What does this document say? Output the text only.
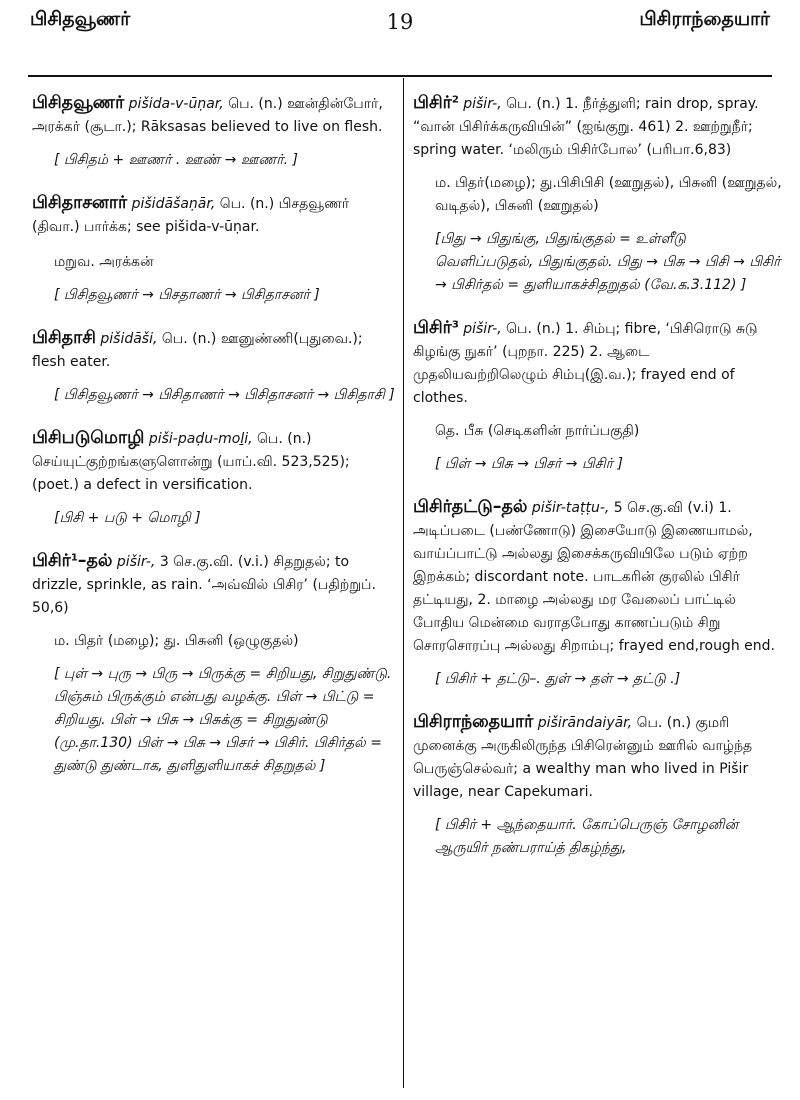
பிசிதவூணர்	19	பிசிராந்தையார்
பிசிதவூணர் pišida-v-ūṇar, பெ. (n.) ஊன்தின்போர், அரக்கர் (சூடா.); Rāksasas believed to live on flesh.
[ பிசிதம் + ஊணர் . ஊண் → ஊணர். ]
பிசிதாசனார் pišidāšaṇār, பெ. (n.) பிசதவூணர் (திவா.) பார்க்க; see pišida-v-ūṇar.
மறுவ. அரக்கன்
[ பிசிதவூணர் → பிசதாணர் → பிசிதாசனர் ]
பிசிதாசி pišidāši, பெ. (n.) ஊனுண்ணி(புதுவை.); flesh eater.
[ பிசிதவூணர் → பிசிதாணர் → பிசிதாசனர் → பிசிதாசி ]
பிசிபடுமொழி piši-paḍu-moḻi, பெ. (n.) செய்யுட்குற்றங்களுளொன்று (யாப்.வி. 523,525); (poet.) a defect in versification.
[பிசி + படு + மொழி ]
பிசிர்$^1$–தல் pišir-, 3 செ.கு.வி. (v.i.) சிதறுதல்; to drizzle, sprinkle, as rain. ‘அவ்வில் பிசிர’ (பதிற்றுப். 50,6)
ம. பிதர் (மழை); து. பிசுனி (ஒழுகுதல்)
[ புள் → புரு → பிரு → பிருக்கு = சிறியது, சிறுதுண்டு. பிஞ்சும் பிருக்கும் என்பது வழக்கு. பிள் → பிட்டு = சிறியது. பிள் → பிசு → பிசுக்கு = சிறுதுண்டு (மு.தா.130) பிள் → பிசு → பிசர் → பிசிர். பிசிர்தல் = துண்டு துண்டாக, துளிதுளியாகச் சிதறுதல் ]
பிசிர்$^2$ pišir-, பெ. (n.) 1. நீர்த்துளி; rain drop, spray. “வான் பிசிர்க்கருவியின்” (ஐங்குறு. 461) 2. ஊற்றுநீர்; spring water. ‘மலிரும் பிசிர்போல’ (பரிபா.6,83)
ம. பிதர்(மழை); து.பிசிபிசி (ஊறுதல்), பிசுனி (ஊறுதல், வடிதல்), பிசுனி (ஊறுதல்)
[பிது → பிதுங்கு, பிதுங்குதல் = உள்ளீடு வெளிப்படுதல், பிதுங்குதல். பிது → பிசு → பிசி → பிசிர் → பிசிர்தல் = துளியாகச்சிதறுதல் (வே.க.3.112) ]
பிசிர்$^3$ pišir-, பெ. (n.) 1. சிம்பு; fibre, ‘பிசிரொடு சுடு கிழங்கு நுகர்’ (புறநா. 225) 2. ஆடை முதலியவற்றிலெழும் சிம்பு(இ.வ.); frayed end of clothes.
தெ. பீசு (செடிகளின் நார்ப்பகுதி)
[ பிள் → பிசு → பிசர் → பிசிர் ]
பிசிர்தட்டு–தல் pišir-taṭṭu-, 5 செ.கு.வி (v.i) 1. அடிப்படை (பண்ணோடு) இசையோடு இணையாமல், வாய்ப்பாட்டு அல்லது இசைக்கருவியிலே படும் ஏற்ற இறக்கம்; discordant note. பாடகரின் குரலில் பிசிர் தட்டியது, 2. மாழை அல்லது மர வேலைப் பாட்டில் போதிய மென்மை வராதபோது காணப்படும் சிறு சொரசொரப்பு அல்லது சிறாம்பு; frayed end,rough end.
[ பிசிர் + தட்டு–. துள் → தள் → தட்டு .]
பிசிராந்தையார் piširāndaiyār, பெ. (n.) குமரி முனைக்கு அருகிலிருந்த பிசிரென்னும் ஊரில் வாழ்ந்த பெருஞ்செல்வர்; a wealthy man who lived in Pišir village, near Capekumari.
[ பிசிர் + ஆந்தையார். கோப்பெருஞ் சோழனின் ஆருயிர் நண்பராய்த் திகழ்ந்து,
